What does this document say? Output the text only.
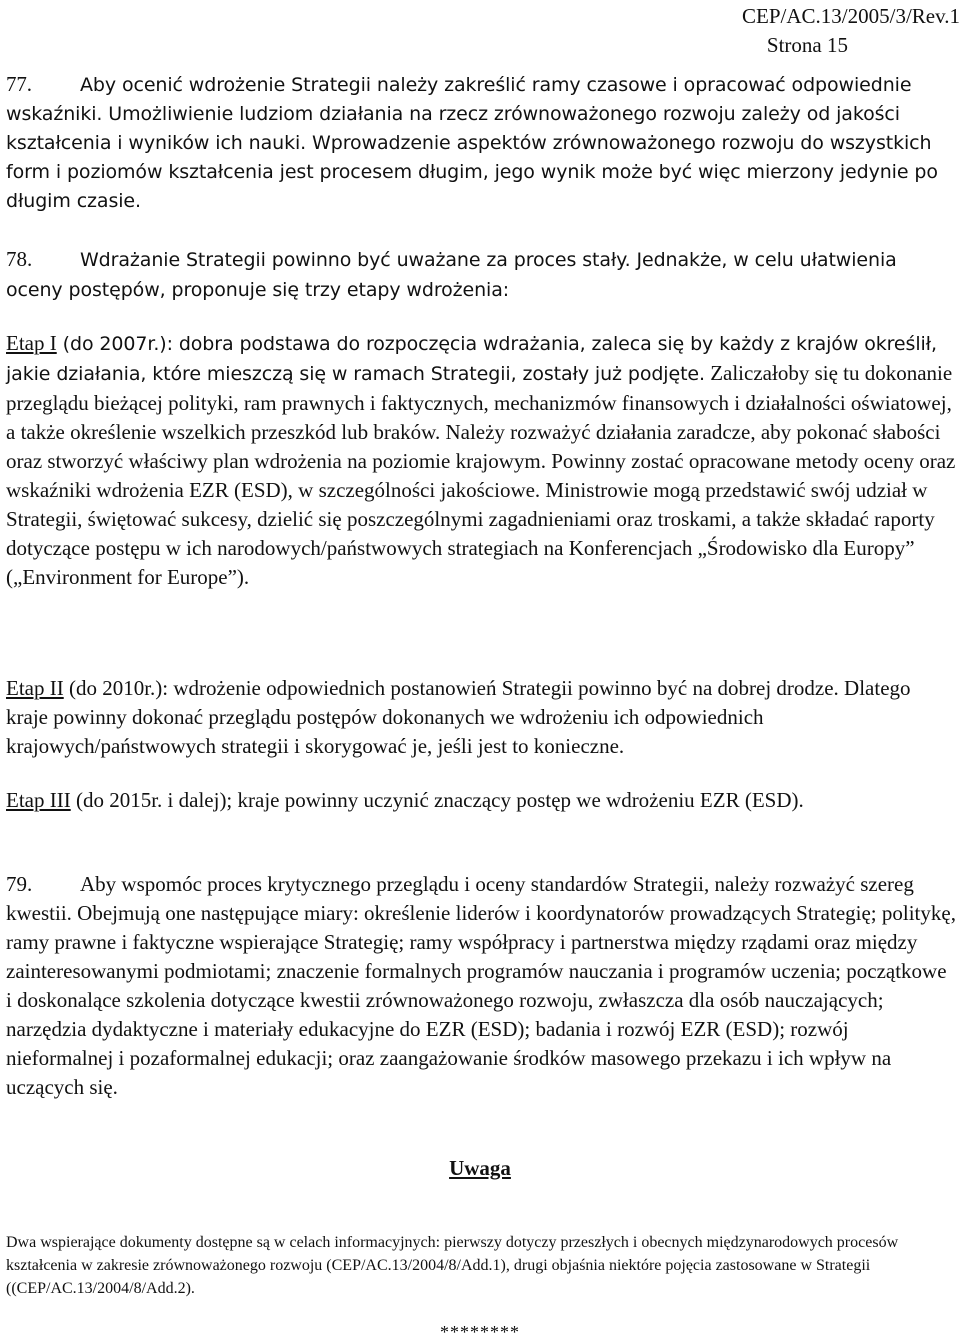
CEP/AC.13/2005/3/Rev.1
Strona 15

77.	Aby ocenić wdrożenie Strategii należy zakreślić ramy czasowe i opracować odpowiednie wskaźniki. Umożliwienie ludziom działania na rzecz zrównoważonego rozwoju zależy od jakości kształcenia i wyników ich nauki. Wprowadzenie aspektów zrównoważonego rozwoju do wszystkich form i poziomów kształcenia jest procesem długim, jego wynik może być więc mierzony jedynie po długim czasie.

78.	Wdrażanie Strategii powinno być uważane za proces stały. Jednakże, w celu ułatwienia oceny postępów, proponuje się trzy etapy wdrożenia:

Etap I (do 2007r.): dobra podstawa do rozpoczęcia wdrażania, zaleca się by każdy z krajów określił, jakie działania, które mieszczą się w ramach Strategii, zostały już podjęte. Zaliczałoby się tu dokonanie przeglądu bieżącej polityki, ram prawnych i faktycznych, mechanizmów finansowych i działalności oświatowej, a także określenie wszelkich przeszkód lub braków. Należy rozważyć działania zaradcze, aby pokonać słabości oraz stworzyć właściwy plan wdrożenia na poziomie krajowym. Powinny zostać opracowane metody oceny oraz wskaźniki wdrożenia EZR (ESD), w szczególności jakościowe. Ministrowie mogą przedstawić swój udział w Strategii, świętować sukcesy, dzielić się poszczególnymi zagadnieniami oraz troskami, a także składać raporty dotyczące postępu w ich narodowych/państwowych strategiach na Konferencjach „Środowisko dla Europy” („Environment for Europe”).

Etap II (do 2010r.): wdrożenie odpowiednich postanowień Strategii powinno być na dobrej drodze. Dlatego kraje powinny dokonać przeglądu postępów dokonanych we wdrożeniu ich odpowiednich krajowych/państwowych strategii i skorygować je, jeśli jest to konieczne.

Etap III (do 2015r. i dalej); kraje powinny uczynić znaczący postęp we wdrożeniu EZR (ESD).

79. Aby wspomóc proces krytycznego przeglądu i oceny standardów Strategii, należy rozważyć szereg kwestii. Obejmują one następujące miary: określenie liderów i koordynatorów prowadzących Strategię; politykę, ramy prawne i faktyczne wspierające Strategię; ramy współpracy i partnerstwa między rządami oraz między zainteresowanymi podmiotami; znaczenie formalnych programów nauczania i programów uczenia; początkowe i doskonalące szkolenia dotyczące kwestii zrównoważonego rozwoju, zwłaszcza dla osób nauczających; narzędzia dydaktyczne i materiały edukacyjne do EZR (ESD); badania i rozwój EZR (ESD); rozwój nieformalnej i pozaformalnej edukacji; oraz zaangażowanie środków masowego przekazu i ich wpływ na uczących się.

Uwaga

Dwa wspierające dokumenty dostępne są w celach informacyjnych: pierwszy dotyczy przeszłych i obecnych międzynarodowych procesów kształcenia w zakresie zrównoważonego rozwoju (CEP/AC.13/2004/8/Add.1), drugi objaśnia niektóre pojęcia zastosowane w Strategii ((CEP/AC.13/2004/8/Add.2).

********
